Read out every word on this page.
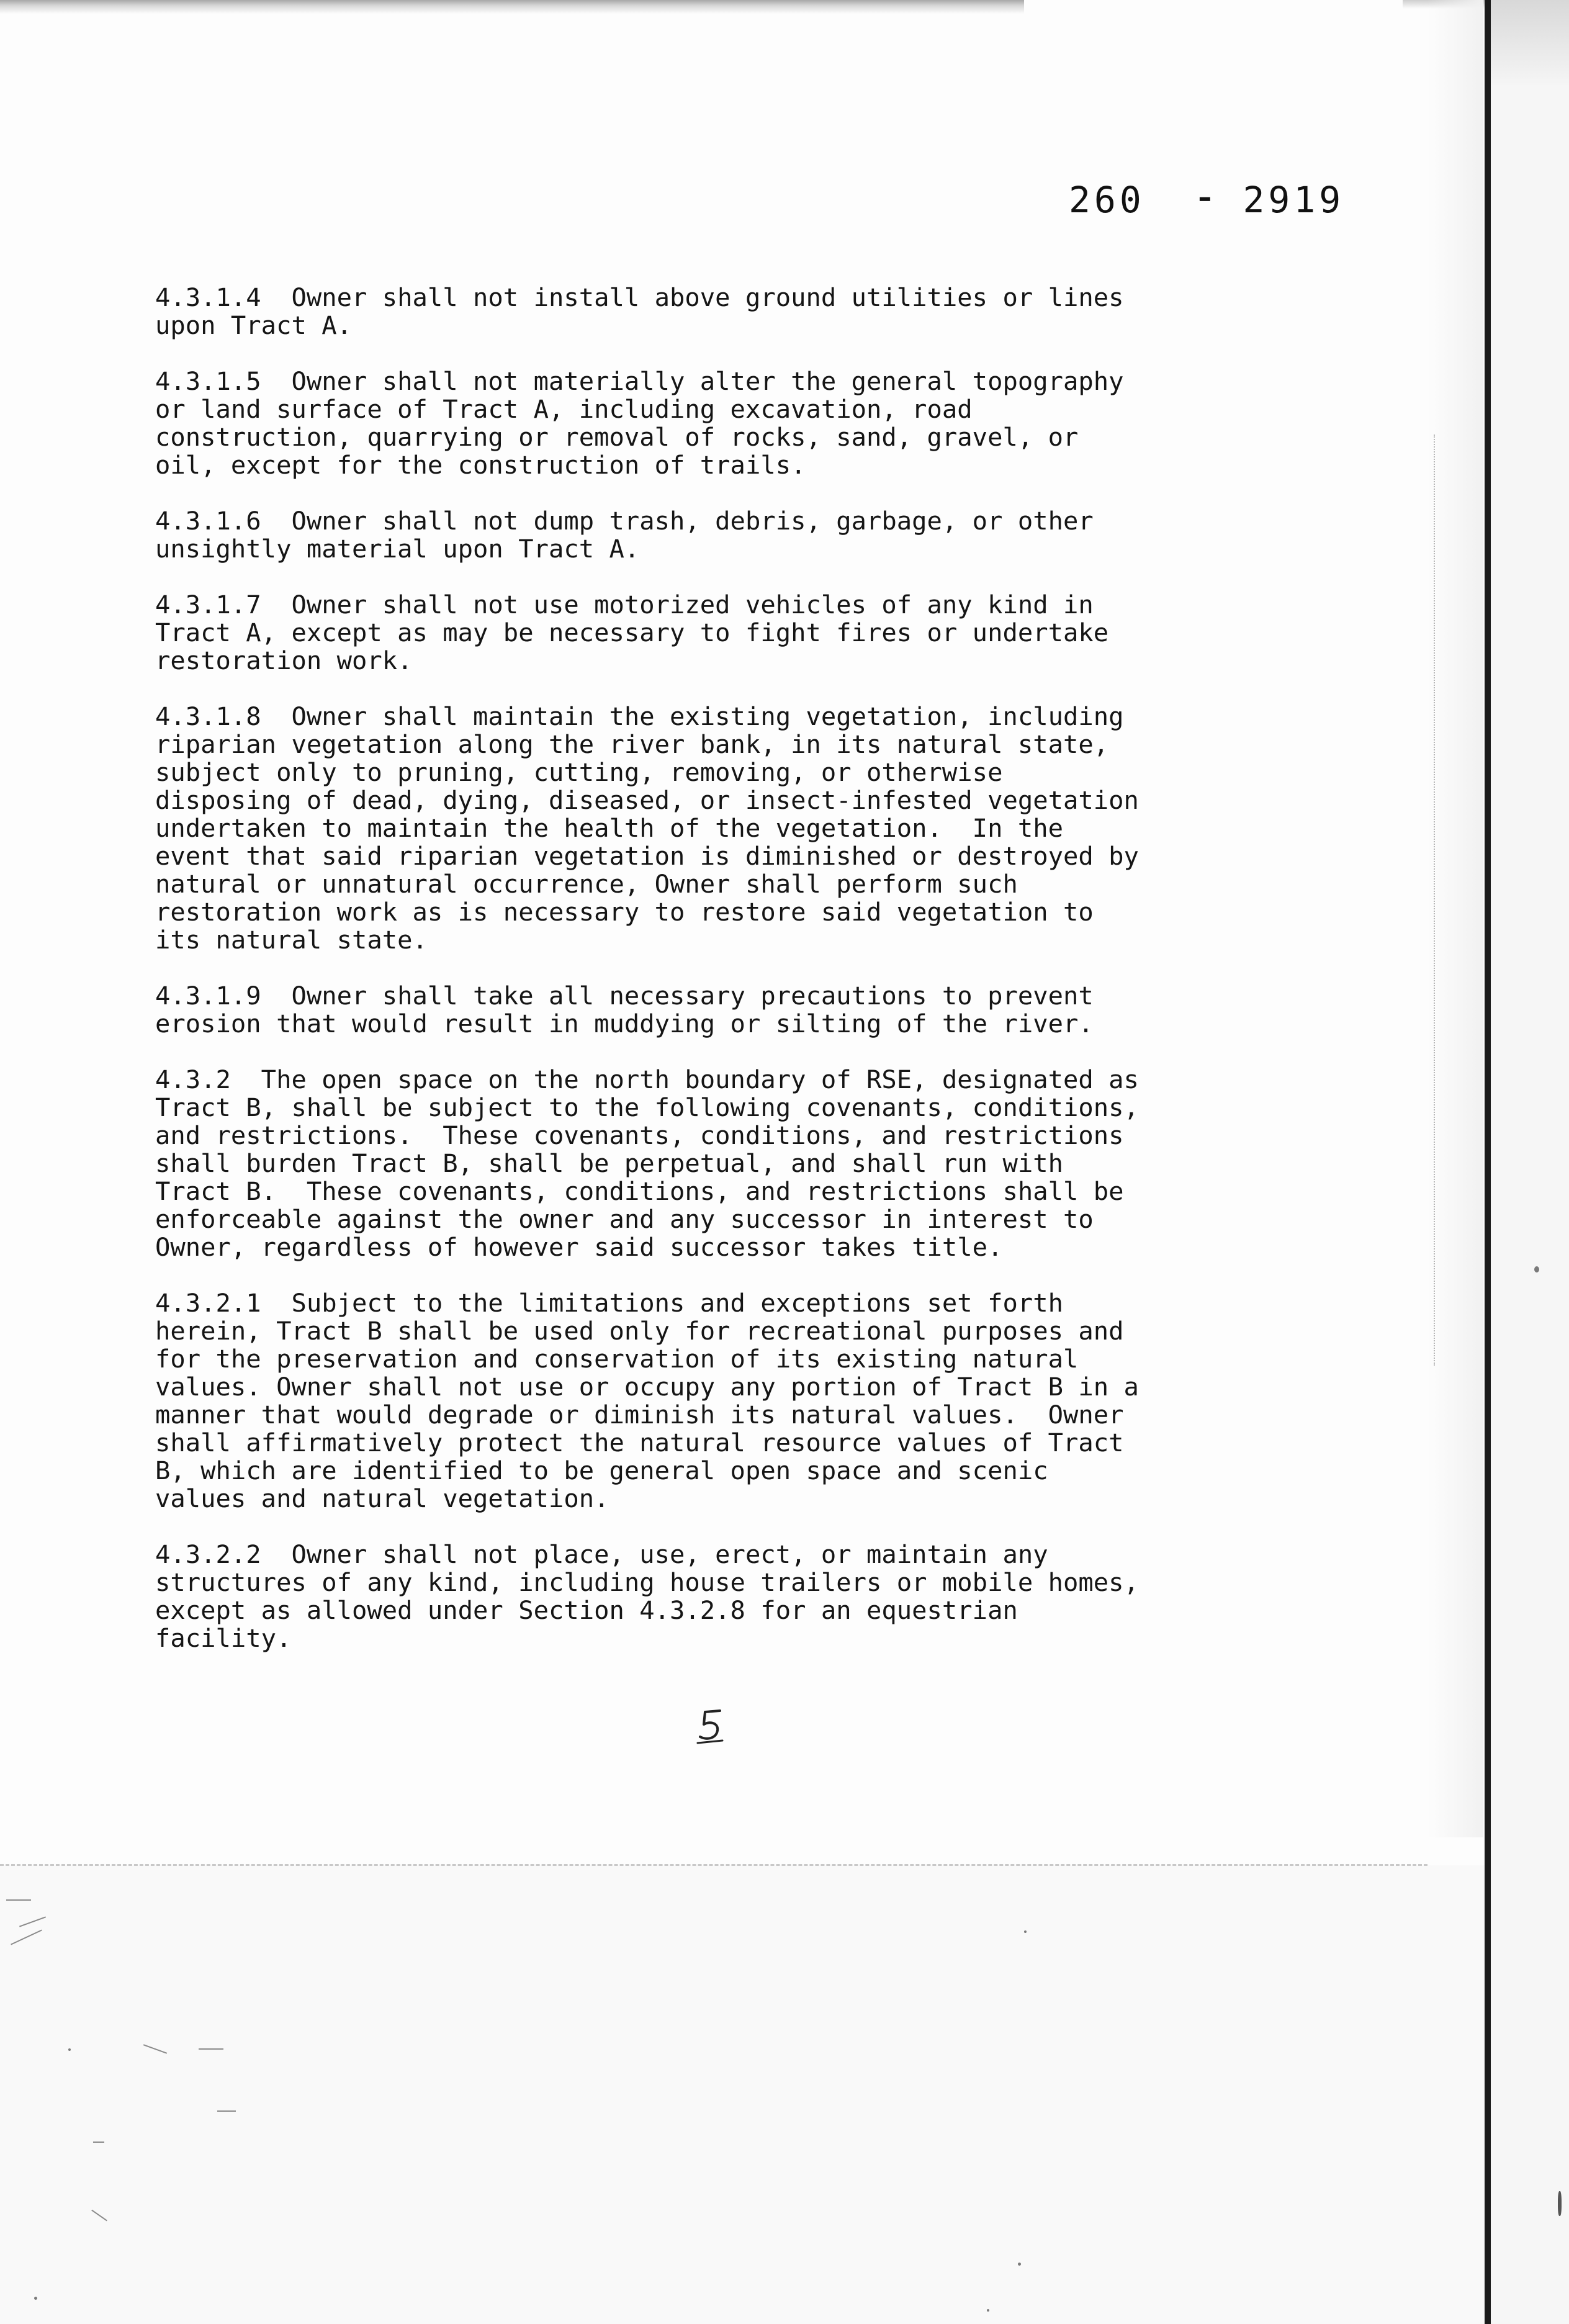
260  ⁃ 2919

4.3.1.4  Owner shall not install above ground utilities or lines
upon Tract A.

4.3.1.5  Owner shall not materially alter the general topography
or land surface of Tract A, including excavation, road
construction, quarrying or removal of rocks, sand, gravel, or
oil, except for the construction of trails.

4.3.1.6  Owner shall not dump trash, debris, garbage, or other
unsightly material upon Tract A.

4.3.1.7  Owner shall not use motorized vehicles of any kind in
Tract A, except as may be necessary to fight fires or undertake
restoration work.

4.3.1.8  Owner shall maintain the existing vegetation, including
riparian vegetation along the river bank, in its natural state,
subject only to pruning, cutting, removing, or otherwise
disposing of dead, dying, diseased, or insect-infested vegetation
undertaken to maintain the health of the vegetation.  In the
event that said riparian vegetation is diminished or destroyed by
natural or unnatural occurrence, Owner shall perform such
restoration work as is necessary to restore said vegetation to
its natural state.

4.3.1.9  Owner shall take all necessary precautions to prevent
erosion that would result in muddying or silting of the river.

4.3.2  The open space on the north boundary of RSE, designated as
Tract B, shall be subject to the following covenants, conditions,
and restrictions.  These covenants, conditions, and restrictions
shall burden Tract B, shall be perpetual, and shall run with
Tract B.  These covenants, conditions, and restrictions shall be
enforceable against the owner and any successor in interest to
Owner, regardless of however said successor takes title.

4.3.2.1  Subject to the limitations and exceptions set forth
herein, Tract B shall be used only for recreational purposes and
for the preservation and conservation of its existing natural
values. Owner shall not use or occupy any portion of Tract B in a
manner that would degrade or diminish its natural values.  Owner
shall affirmatively protect the natural resource values of Tract
B, which are identified to be general open space and scenic
values and natural vegetation.

4.3.2.2  Owner shall not place, use, erect, or maintain any
structures of any kind, including house trailers or mobile homes,
except as allowed under Section 4.3.2.8 for an equestrian
facility.
